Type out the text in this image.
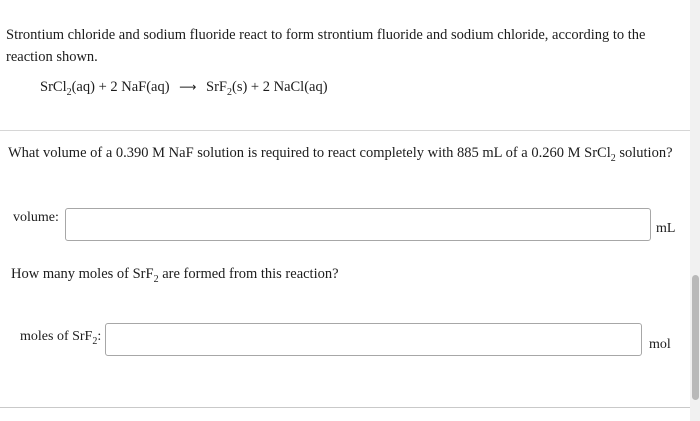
Strontium chloride and sodium fluoride react to form strontium fluoride and sodium chloride, according to the
reaction shown.
SrCl$_2$(aq) + 2 NaF(aq) ⟶ SrF$_2$(s) + 2 NaCl(aq)
What volume of a 0.390 M NaF solution is required to react completely with 885 mL of a 0.260 M SrCl$_2$ solution?
volume:
mL
How many moles of SrF$_2$ are formed from this reaction?
moles of SrF$_2$:
mol
